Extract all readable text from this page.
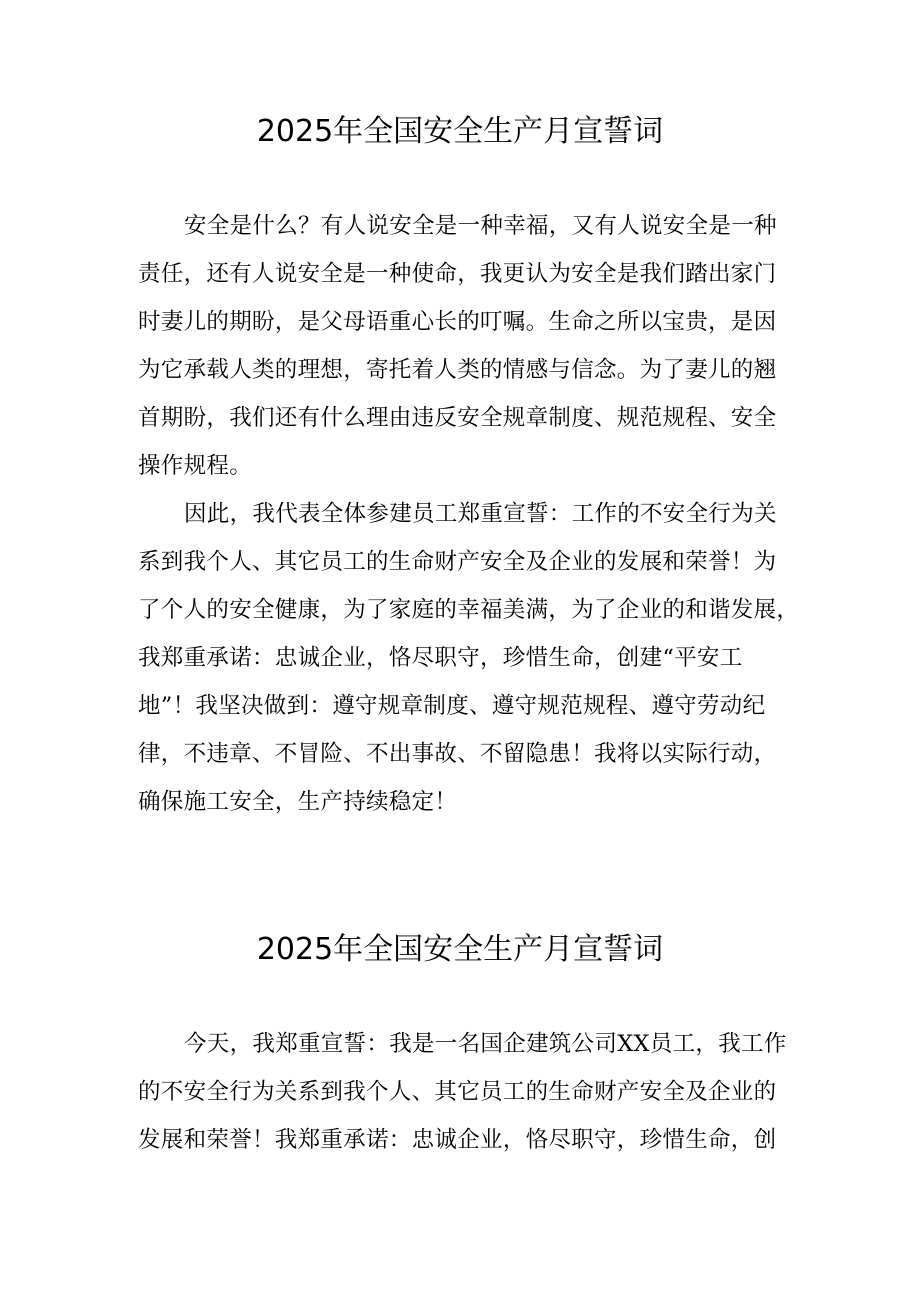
2025年全国安全生产月宣誓词
安全是什么？有人说安全是一种幸福，又有人说安全是一种
责任，还有人说安全是一种使命，我更认为安全是我们踏出家门
时妻儿的期盼，是父母语重心长的叮嘱。生命之所以宝贵，是因
为它承载人类的理想，寄托着人类的情感与信念。为了妻儿的翘
首期盼，我们还有什么理由违反安全规章制度、规范规程、安全
操作规程。
因此，我代表全体参建员工郑重宣誓：工作的不安全行为关
系到我个人、其它员工的生命财产安全及企业的发展和荣誉！为
了个人的安全健康，为了家庭的幸福美满，为了企业的和谐发展，
我郑重承诺：忠诚企业，恪尽职守，珍惜生命，创建“平安工
地”！我坚决做到：遵守规章制度、遵守规范规程、遵守劳动纪
律，不违章、不冒险、不出事故、不留隐患！我将以实际行动，
确保施工安全，生产持续稳定！
2025年全国安全生产月宣誓词
今天，我郑重宣誓：我是一名国企建筑公司XX员工，我工作
的不安全行为关系到我个人、其它员工的生命财产安全及企业的
发展和荣誉！我郑重承诺：忠诚企业，恪尽职守，珍惜生命，创
